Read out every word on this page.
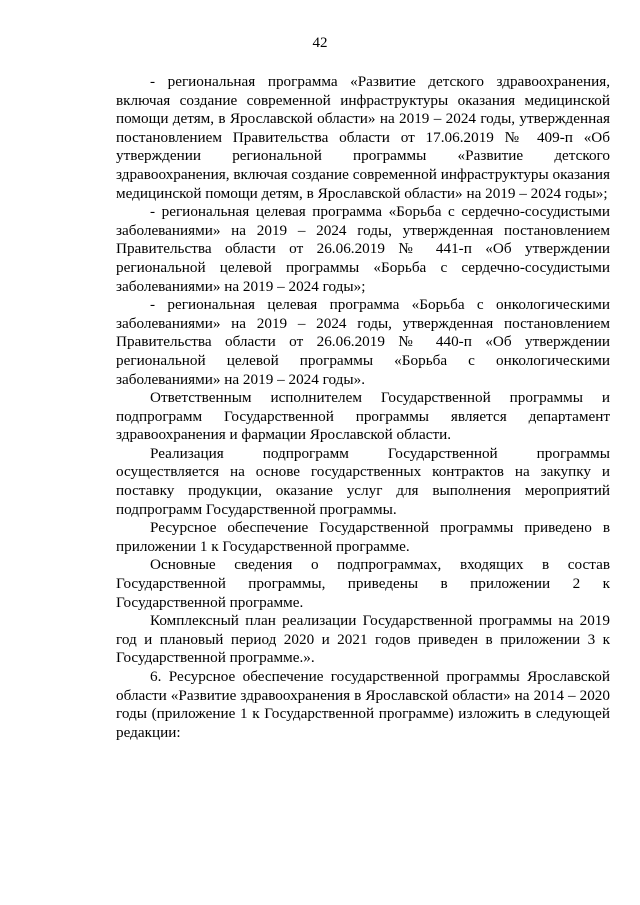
42

- региональная программа «Развитие детского здравоохранения, включая создание современной инфраструктуры оказания медицинской помощи детям, в Ярославской области» на 2019 – 2024 годы, утвержденная постановлением Правительства области от 17.06.2019 № 409-п «Об утверждении региональной программы «Развитие детского здравоохранения, включая создание современной инфраструктуры оказания медицинской помощи детям, в Ярославской области» на 2019 – 2024 годы»;

- региональная целевая программа «Борьба с сердечно-сосудистыми заболеваниями» на 2019 – 2024 годы, утвержденная постановлением Правительства области от 26.06.2019 № 441-п «Об утверждении региональной целевой программы «Борьба с сердечно-сосудистыми заболеваниями» на 2019 – 2024 годы»;

- региональная целевая программа «Борьба с онкологическими заболеваниями» на 2019 – 2024 годы, утвержденная постановлением Правительства области от 26.06.2019 № 440-п «Об утверждении региональной целевой программы «Борьба с онкологическими заболеваниями» на 2019 – 2024 годы».

Ответственным исполнителем Государственной программы и подпрограмм Государственной программы является департамент здравоохранения и фармации Ярославской области.

Реализация подпрограмм Государственной программы осуществляется на основе государственных контрактов на закупку и поставку продукции, оказание услуг для выполнения мероприятий подпрограмм Государственной программы.

Ресурсное обеспечение Государственной программы приведено в приложении 1 к Государственной программе.

Основные сведения о подпрограммах, входящих в состав Государственной программы, приведены в приложении 2 к Государственной программе.

Комплексный план реализации Государственной программы на 2019 год и плановый период 2020 и 2021 годов приведен в приложении 3 к Государственной программе.».

6. Ресурсное обеспечение государственной программы Ярославской области «Развитие здравоохранения в Ярославской области» на 2014 – 2020 годы (приложение 1 к Государственной программе) изложить в следующей редакции:
